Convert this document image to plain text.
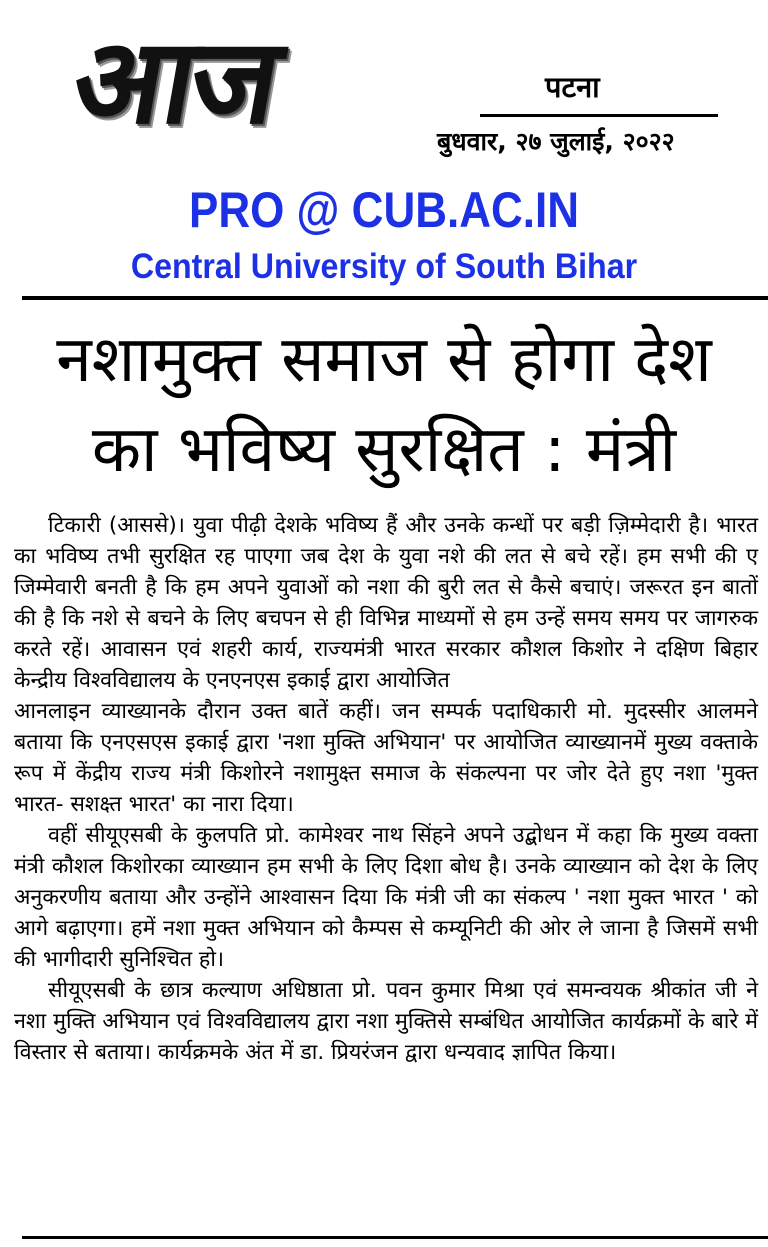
आज	पटना
बुधवार, २७ जुलाई, २०२२
PRO @ CUB.AC.IN
Central University of South Bihar
नशामुक्त समाज से होगा देश
का भविष्य सुरक्षित : मंत्री

टिकारी (आससे)। युवा पीढ़ी देशके भविष्य हैं और उनके कन्धों पर बड़ी ज़िम्मेदारी है। भारत का भविष्य तभी सुरक्षित रह पाएगा जब देश के युवा नशे की लत से बचे रहें। हम सभी की ए जिम्मेवारी बनती है कि हम अपने युवाओं को नशा की बुरी लत से कैसे बचाएं। जरूरत इन बातों की है कि नशे से बचने के लिए बचपन से ही विभिन्न माध्यमों से हम उन्हें समय समय पर जागरुक करते रहें। आवासन एवं शहरी कार्य, राज्यमंत्री भारत सरकार कौशल किशोर ने दक्षिण बिहार केन्द्रीय विश्वविद्यालय के एनएनएस इकाई द्वारा आयोजित

आनलाइन व्याख्यानके दौरान उक्त बातें कहीं। जन सम्पर्क पदाधिकारी मो. मुदस्सीर आलमने बताया कि एनएसएस इकाई द्वारा 'नशा मुक्ति अभियान' पर आयोजित व्याख्यानमें मुख्य वक्ताके रूप में केंद्रीय राज्य मंत्री किशोरने नशामुक्ष्त समाज के संकल्पना पर जोर देते हुए नशा 'मुक्त भारत- सशक्ष्त भारत' का नारा दिया।

वहीं सीयूएसबी के कुलपति प्रो. कामेश्वर नाथ सिंहने अपने उद्बोधन में कहा कि मुख्य वक्ता मंत्री कौशल किशोरका व्याख्यान हम सभी के लिए दिशा बोध है। उनके व्याख्यान को देश के लिए अनुकरणीय बताया और उन्होंने आश्वासन दिया कि मंत्री जी का संकल्प ' नशा मुक्त भारत ' को आगे बढ़ाएगा। हमें नशा मुक्त अभियान को कैम्पस से कम्यूनिटी की ओर ले जाना है जिसमें सभी की भागीदारी सुनिश्चित हो।

सीयूएसबी के छात्र कल्याण अधिष्ठाता प्रो. पवन कुमार मिश्रा एवं समन्वयक श्रीकांत जी ने नशा मुक्ति अभियान एवं विश्वविद्यालय द्वारा नशा मुक्तिसे सम्बंधित आयोजित कार्यक्रमों के बारे में विस्तार से बताया। कार्यक्रमके अंत में डा. प्रियरंजन द्वारा धन्यवाद ज्ञापित किया।
